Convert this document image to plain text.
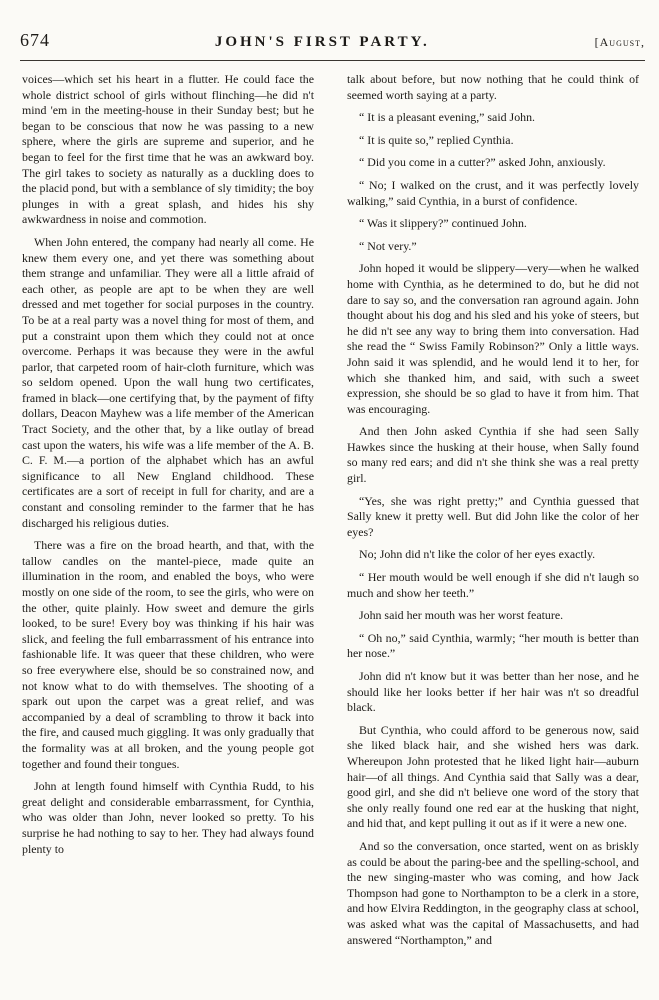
674	JOHN'S FIRST PARTY.	[August,

voices—which set his heart in a flutter. He could face the whole district school of girls without flinching—he did n't mind 'em in the meeting-house in their Sunday best; but he began to be conscious that now he was passing to a new sphere, where the girls are supreme and superior, and he began to feel for the first time that he was an awkward boy. The girl takes to society as naturally as a duckling does to the placid pond, but with a semblance of sly timidity; the boy plunges in with a great splash, and hides his shy awkwardness in noise and commotion.

When John entered, the company had nearly all come. He knew them every one, and yet there was something about them strange and unfamiliar. They were all a little afraid of each other, as people are apt to be when they are well dressed and met together for social purposes in the country. To be at a real party was a novel thing for most of them, and put a constraint upon them which they could not at once overcome. Perhaps it was because they were in the awful parlor, that carpeted room of hair-cloth furniture, which was so seldom opened. Upon the wall hung two certificates, framed in black—one certifying that, by the payment of fifty dollars, Deacon Mayhew was a life member of the American Tract Society, and the other that, by a like outlay of bread cast upon the waters, his wife was a life member of the A. B. C. F. M.—a portion of the alphabet which has an awful significance to all New England childhood. These certificates are a sort of receipt in full for charity, and are a constant and consoling reminder to the farmer that he has discharged his religious duties.

There was a fire on the broad hearth, and that, with the tallow candles on the mantel-piece, made quite an illumination in the room, and enabled the boys, who were mostly on one side of the room, to see the girls, who were on the other, quite plainly. How sweet and demure the girls looked, to be sure! Every boy was thinking if his hair was slick, and feeling the full embarrassment of his entrance into fashionable life. It was queer that these children, who were so free everywhere else, should be so constrained now, and not know what to do with themselves. The shooting of a spark out upon the carpet was a great relief, and was accompanied by a deal of scrambling to throw it back into the fire, and caused much giggling. It was only gradually that the formality was at all broken, and the young people got together and found their tongues.

John at length found himself with Cynthia Rudd, to his great delight and considerable embarrassment, for Cynthia, who was older than John, never looked so pretty. To his surprise he had nothing to say to her. They had always found plenty to

talk about before, but now nothing that he could think of seemed worth saying at a party.

“ It is a pleasant evening,” said John.

“ It is quite so,” replied Cynthia.

“ Did you come in a cutter?” asked John, anxiously.

“ No; I walked on the crust, and it was perfectly lovely walking,” said Cynthia, in a burst of confidence.

“ Was it slippery?” continued John.

“ Not very.”

John hoped it would be slippery—very—when he walked home with Cynthia, as he determined to do, but he did not dare to say so, and the conversation ran aground again. John thought about his dog and his sled and his yoke of steers, but he did n't see any way to bring them into conversation. Had she read the “ Swiss Family Robinson?” Only a little ways. John said it was splendid, and he would lend it to her, for which she thanked him, and said, with such a sweet expression, she should be so glad to have it from him. That was encouraging.

And then John asked Cynthia if she had seen Sally Hawkes since the husking at their house, when Sally found so many red ears; and did n't she think she was a real pretty girl.

“Yes, she was right pretty;” and Cynthia guessed that Sally knew it pretty well. But did John like the color of her eyes?

No; John did n't like the color of her eyes exactly.

“ Her mouth would be well enough if she did n't laugh so much and show her teeth.”

John said her mouth was her worst feature.

“ Oh no,” said Cynthia, warmly; “her mouth is better than her nose.”

John did n't know but it was better than her nose, and he should like her looks better if her hair was n't so dreadful black.

But Cynthia, who could afford to be generous now, said she liked black hair, and she wished hers was dark. Whereupon John protested that he liked light hair—auburn hair—of all things. And Cynthia said that Sally was a dear, good girl, and she did n't believe one word of the story that she only really found one red ear at the husking that night, and hid that, and kept pulling it out as if it were a new one.

And so the conversation, once started, went on as briskly as could be about the paring-bee and the spelling-school, and the new singing-master who was coming, and how Jack Thompson had gone to Northampton to be a clerk in a store, and how Elvira Reddington, in the geography class at school, was asked what was the capital of Massachusetts, and had answered “Northampton,” and
